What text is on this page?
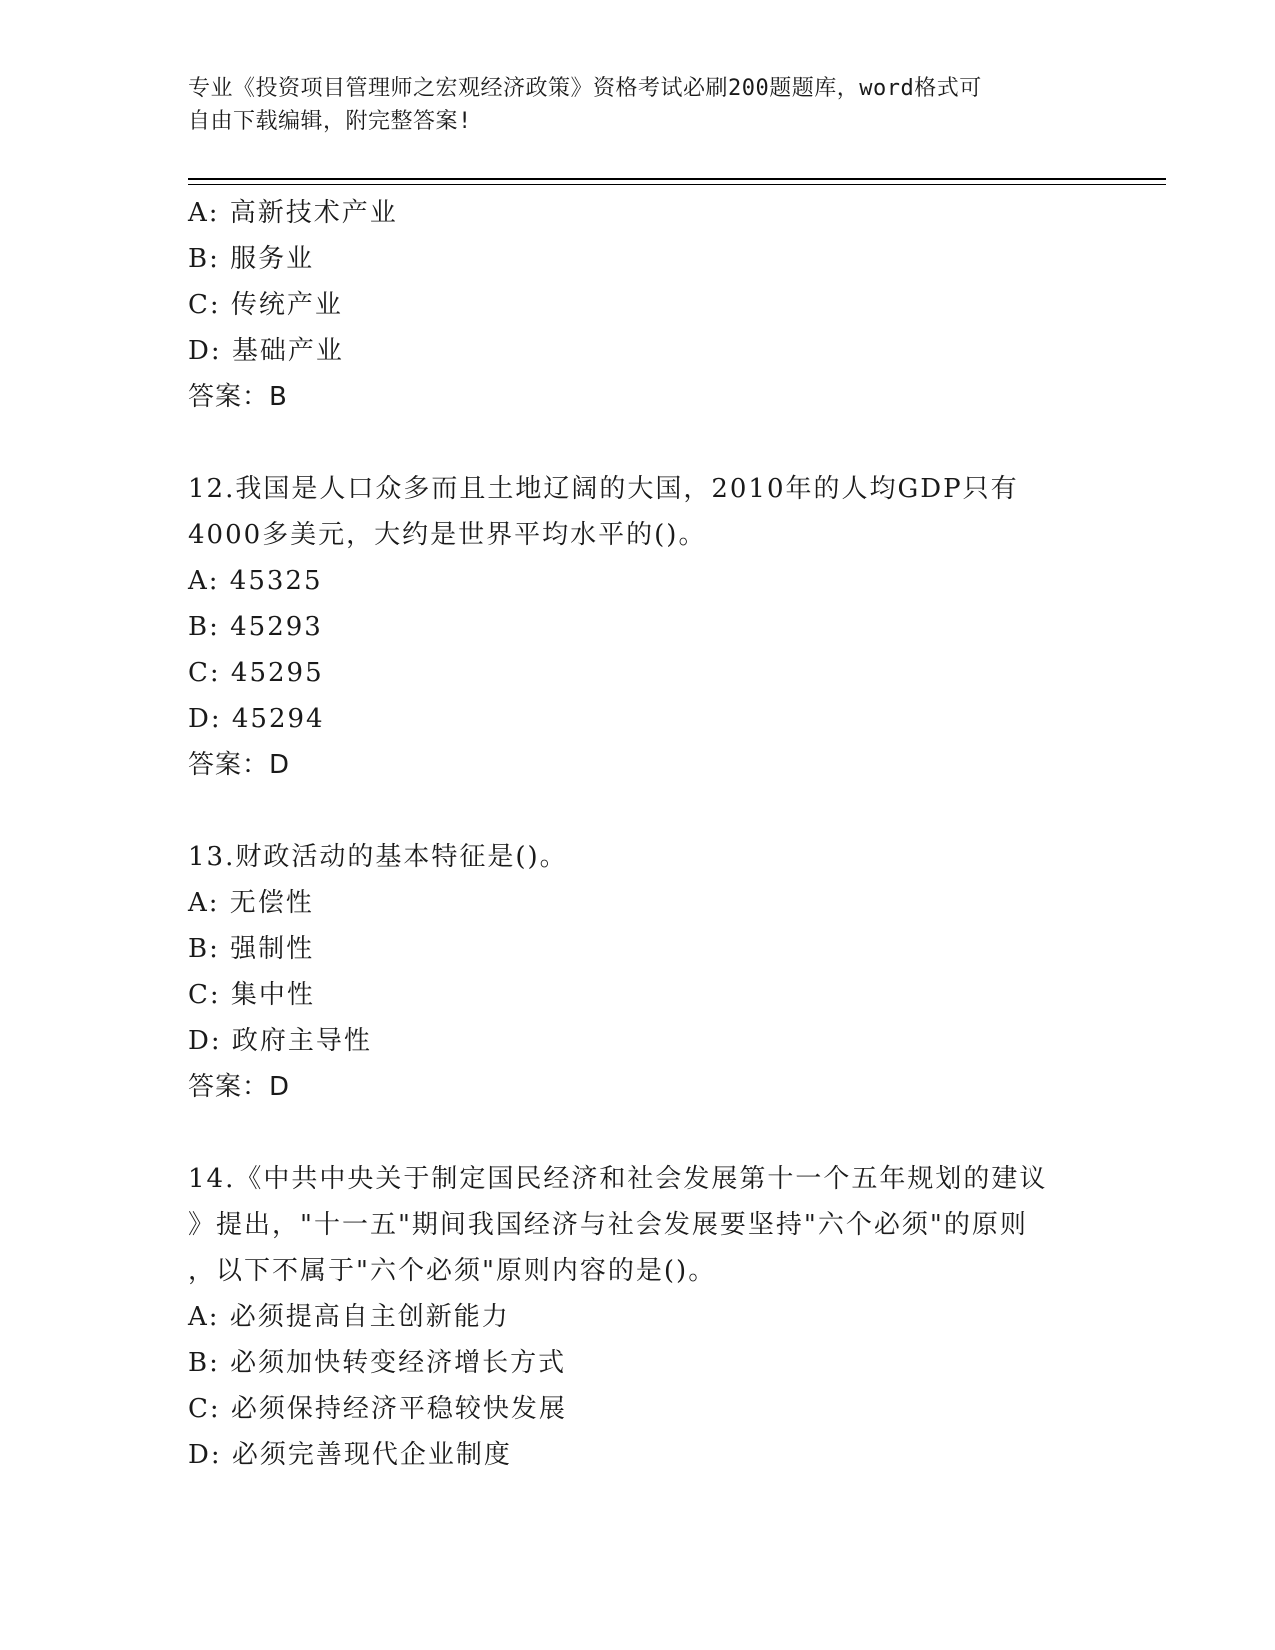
专业《投资项目管理师之宏观经济政策》资格考试必刷200题题库，word格式可
自由下载编辑，附完整答案!
A: 高新技术产业
B: 服务业
C: 传统产业
D: 基础产业
答案：B
12.我国是人口众多而且土地辽阔的大国，2010年的人均GDP只有
4000多美元，大约是世界平均水平的()。
A: 45325
B: 45293
C: 45295
D: 45294
答案：D
13.财政活动的基本特征是()。
A: 无偿性
B: 强制性
C: 集中性
D: 政府主导性
答案：D
14.《中共中央关于制定国民经济和社会发展第十一个五年规划的建议
》提出，"十一五"期间我国经济与社会发展要坚持"六个必须"的原则
，以下不属于"六个必须"原则内容的是()。
A: 必须提高自主创新能力
B: 必须加快转变经济增长方式
C: 必须保持经济平稳较快发展
D: 必须完善现代企业制度
